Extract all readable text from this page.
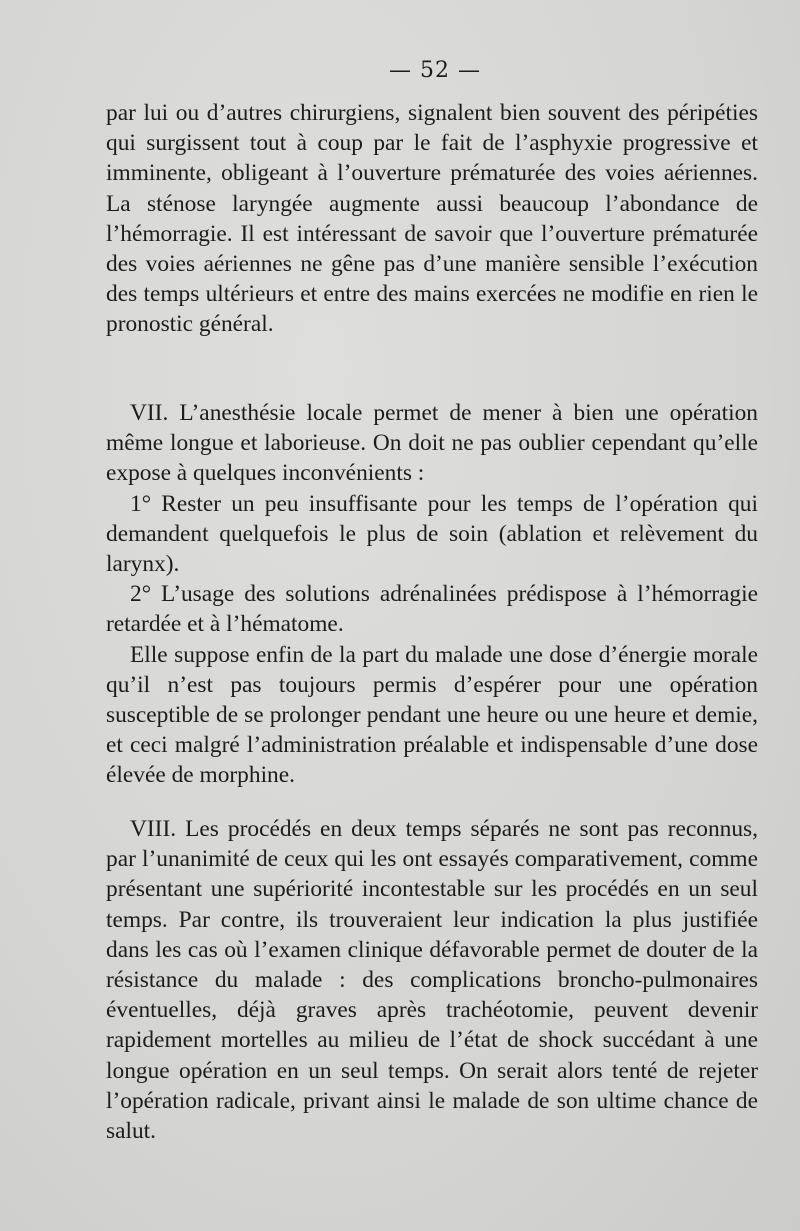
— 52 —

par lui ou d’autres chirurgiens, signalent bien souvent des péripéties qui surgissent tout à coup par le fait de l’asphyxie progressive et imminente, obligeant à l’ouverture prématurée des voies aériennes. La sténose laryngée augmente aussi beaucoup l’abondance de l’hémorragie. Il est intéressant de savoir que l’ouverture prématurée des voies aériennes ne gêne pas d’une manière sensible l’exécution des temps ultérieurs et entre des mains exercées ne modifie en rien le pronostic général.

VII. L’anesthésie locale permet de mener à bien une opération même longue et laborieuse. On doit ne pas oublier cependant qu’elle expose à quelques inconvénients :

1° Rester un peu insuffisante pour les temps de l’opération qui demandent quelquefois le plus de soin (ablation et relèvement du larynx).

2° L’usage des solutions adrénalinées prédispose à l’hémorragie retardée et à l’hématome.

Elle suppose enfin de la part du malade une dose d’énergie morale qu’il n’est pas toujours permis d’espérer pour une opération susceptible de se prolonger pendant une heure ou une heure et demie, et ceci malgré l’administration préalable et indispensable d’une dose élevée de morphine.

VIII. Les procédés en deux temps séparés ne sont pas reconnus, par l’unanimité de ceux qui les ont essayés comparativement, comme présentant une supériorité incontestable sur les procédés en un seul temps. Par contre, ils trouveraient leur indication la plus justifiée dans les cas où l’examen clinique défavorable permet de douter de la résistance du malade : des complications broncho-pulmonaires éventuelles, déjà graves après trachéotomie, peuvent devenir rapidement mortelles au milieu de l’état de shock succédant à une longue opération en un seul temps. On serait alors tenté de rejeter l’opération radicale, privant ainsi le malade de son ultime chance de salut.
